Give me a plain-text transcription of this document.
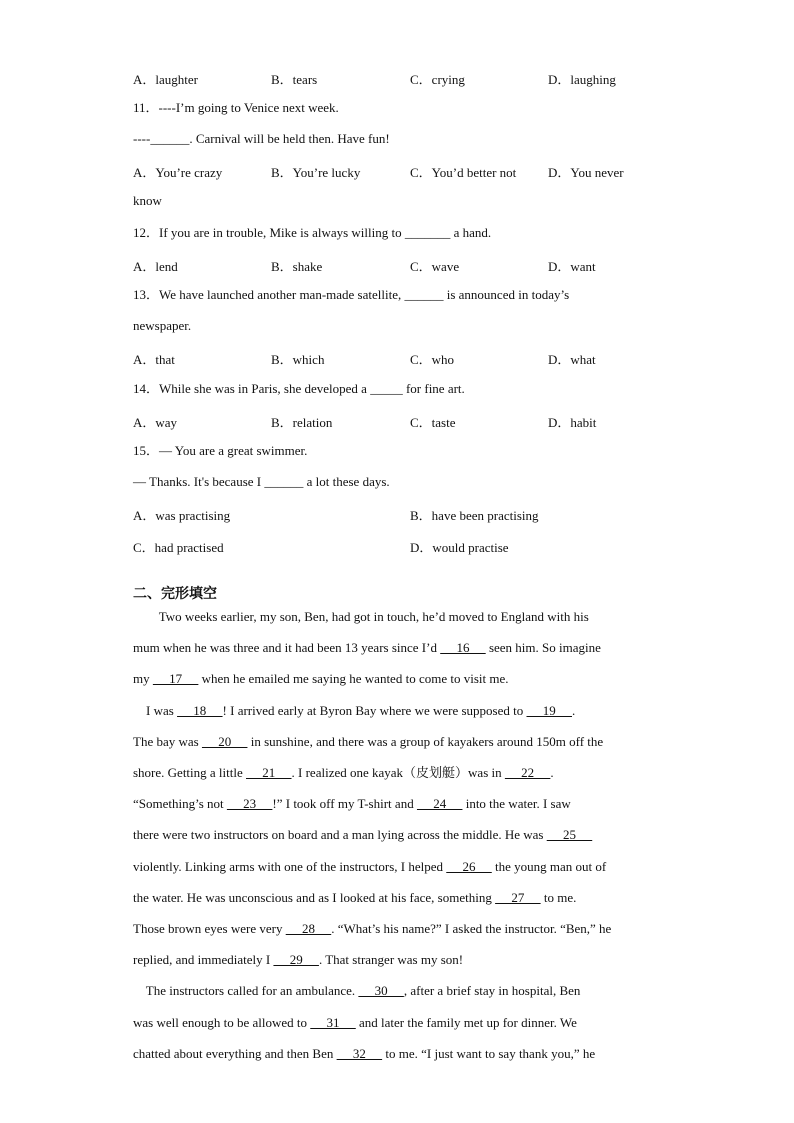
A．laughter	B．tears	C．crying	D．laughing
11．----I’m going to Venice next week.
----______. Carnival will be held then. Have fun!
A．You’re crazy	B．You’re lucky	C．You’d better not D．You never
know
12．If you are in trouble, Mike is always willing to _______ a hand.
A．lend	B．shake	C．wave	D．want
13．We have launched another man-made satellite, ______ is announced in today’s
newspaper.
A．that	B．which	C．who	D．what
14．While she was in Paris, she developed a _____ for fine art.
A．way	B．relation	C．taste	D．habit
15．— You are a great swimmer.
— Thanks. It's because I ______ a lot these days.
A．was practising	B．have been practising
C．had practised	D．would practise
二、完形填空
Two weeks earlier, my son, Ben, had got in touch, he’d moved to England with his
mum when he was three and it had been 13 years since I’d      16      seen him. So imagine
my      17      when he emailed me saying he wanted to come to visit me.
I was      18     ! I arrived early at Byron Bay where we were supposed to      19     .
The bay was      20      in sunshine, and there was a group of kayakers around 150m off the
shore. Getting a little      21     . I realized one kayak（皮划艇）was in      22     .
“Something’s not      23     !” I took off my T-shirt and      24      into the water. I saw
there were two instructors on board and a man lying across the middle. He was      25
violently. Linking arms with one of the instructors, I helped      26      the young man out of
the water. He was unconscious and as I looked at his face, something      27      to me.
Those brown eyes were very      28     . “What’s his name?” I asked the instructor. “Ben,” he
replied, and immediately I      29     . That stranger was my son!
The instructors called for an ambulance.      30     , after a brief stay in hospital, Ben
was well enough to be allowed to      31      and later the family met up for dinner. We
chatted about everything and then Ben      32      to me. “I just want to say thank you,” he
